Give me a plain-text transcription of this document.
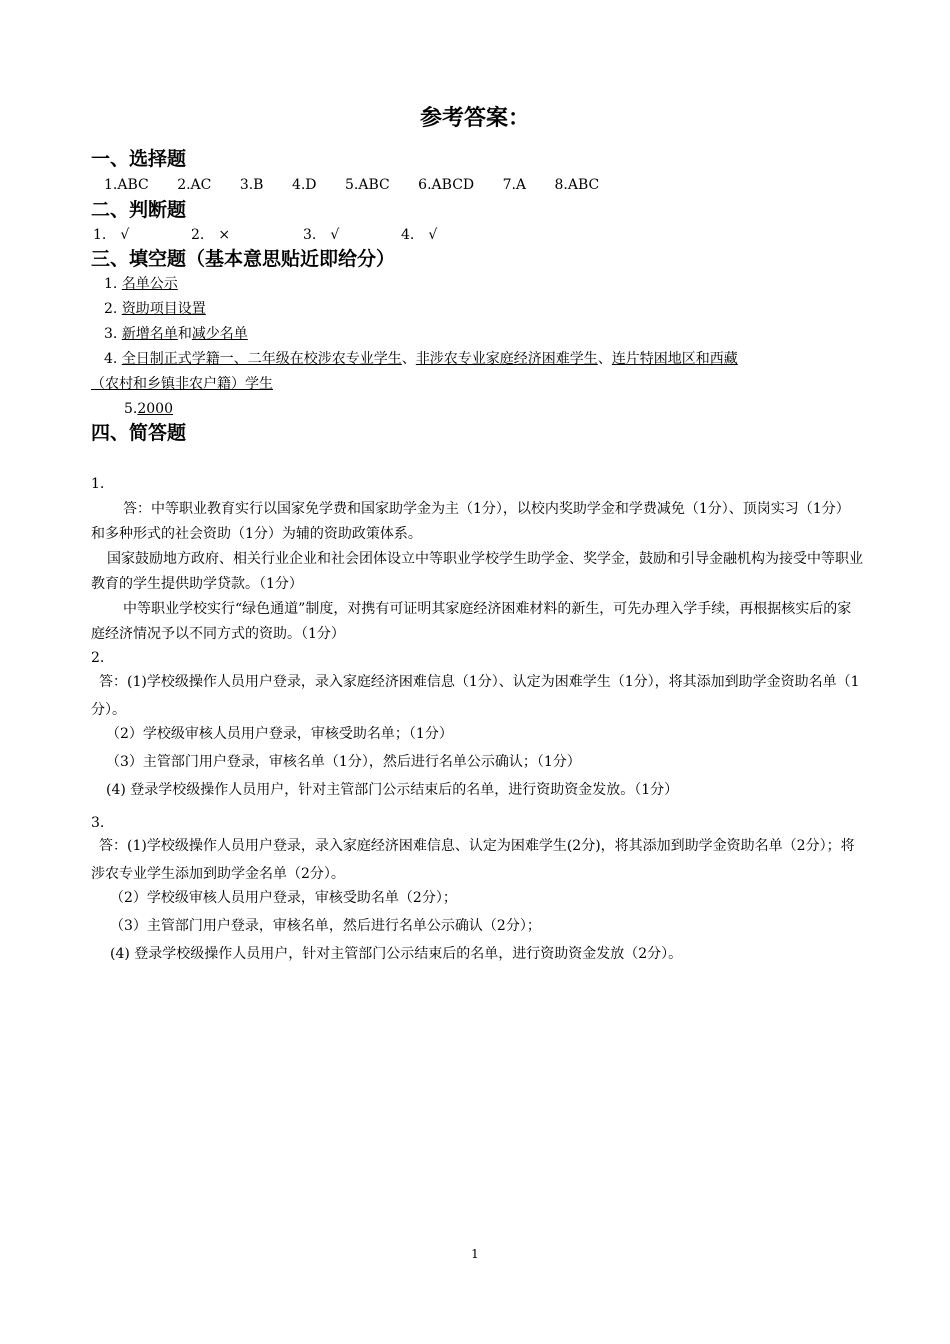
参考答案：
一、选择题
1.ABC 2.AC 3.B 4.D 5.ABC 6.ABCD 7.A 8.ABC
二、判断题
1.　√	2.　×	3.　√	4.　√
三、填空题（基本意思贴近即给分）
1. 名单公示
2. 资助项目设置
3. 新增名单和减少名单
4. 全日制正式学籍一、二年级在校涉农专业学生、非涉农专业家庭经济困难学生、连片特困地区和西藏
（农村和乡镇非农户籍）学生
5.2000
四、简答题
1.
答：中等职业教育实行以国家免学费和国家助学金为主（1分），以校内奖助学金和学费减免（1分）、顶岗实习（1分）和多种形式的社会资助（1分）为辅的资助政策体系。
国家鼓励地方政府、相关行业企业和社会团体设立中等职业学校学生助学金、奖学金，鼓励和引导金融机构为接受中等职业教育的学生提供助学贷款。（1分）
中等职业学校实行“绿色通道”制度，对携有可证明其家庭经济困难材料的新生，可先办理入学手续，再根据核实后的家庭经济情况予以不同方式的资助。（1分）
2.
答：(1)学校级操作人员用户登录，录入家庭经济困难信息（1分）、认定为困难学生（1分），将其添加到助学金资助名单（1分）。
（2）学校级审核人员用户登录，审核受助名单；（1分）
（3）主管部门用户登录，审核名单（1分），然后进行名单公示确认；（1分）
(4) 登录学校级操作人员用户，针对主管部门公示结束后的名单，进行资助资金发放。（1分）
3.
答：(1)学校级操作人员用户登录，录入家庭经济困难信息、认定为困难学生(2分)，将其添加到助学金资助名单（2分）；将涉农专业学生添加到助学金名单（2分）。
（2）学校级审核人员用户登录，审核受助名单（2分）；
（3）主管部门用户登录，审核名单，然后进行名单公示确认（2分）；
(4) 登录学校级操作人员用户，针对主管部门公示结束后的名单，进行资助资金发放（2分）。
1
